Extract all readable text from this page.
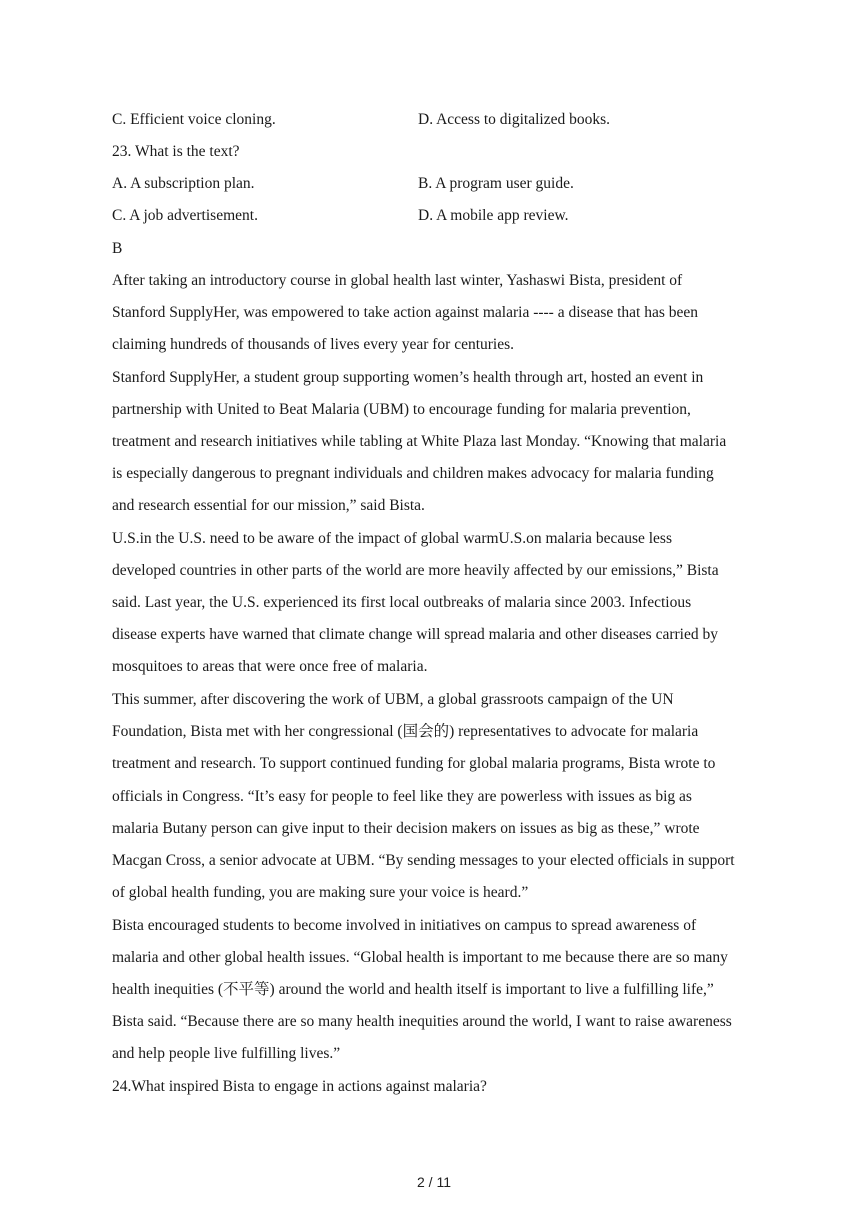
C. Efficient voice cloning.	D. Access to digitalized books.
23. What is the text?
A. A subscription plan.	B. A program user guide.
C. A job advertisement.	D. A mobile app review.
B
After taking an introductory course in global health last winter, Yashaswi Bista, president of
Stanford SupplyHer, was empowered to take action against malaria ---- a disease that has been
claiming hundreds of thousands of lives every year for centuries.
Stanford SupplyHer, a student group supporting women’s health through art, hosted an event in
partnership with United to Beat Malaria (UBM) to encourage funding for malaria prevention,
treatment and research initiatives while tabling at White Plaza last Monday. “Knowing that malaria
is especially dangerous to pregnant individuals and children makes advocacy for malaria funding
and research essential for our mission,” said Bista.
U.S.in the U.S. need to be aware of the impact of global warmU.S.on malaria because less
developed countries in other parts of the world are more heavily affected by our emissions,” Bista
said. Last year, the U.S. experienced its first local outbreaks of malaria since 2003. Infectious
disease experts have warned that climate change will spread malaria and other diseases carried by
mosquitoes to areas that were once free of malaria.
This summer, after discovering the work of UBM, a global grassroots campaign of the UN
Foundation, Bista met with her congressional (国会的) representatives to advocate for malaria
treatment and research. To support continued funding for global malaria programs, Bista wrote to
officials in Congress. “It’s easy for people to feel like they are powerless with issues as big as
malaria Butany person can give input to their decision makers on issues as big as these,” wrote
Macgan Cross, a senior advocate at UBM. “By sending messages to your elected officials in support
of global health funding, you are making sure your voice is heard.”
Bista encouraged students to become involved in initiatives on campus to spread awareness of
malaria and other global health issues. “Global health is important to me because there are so many
health inequities (不平等) around the world and health itself is important to live a fulfilling life,”
Bista said. “Because there are so many health inequities around the world, I want to raise awareness
and help people live fulfilling lives.”
24.What inspired Bista to engage in actions against malaria?
2 / 11
